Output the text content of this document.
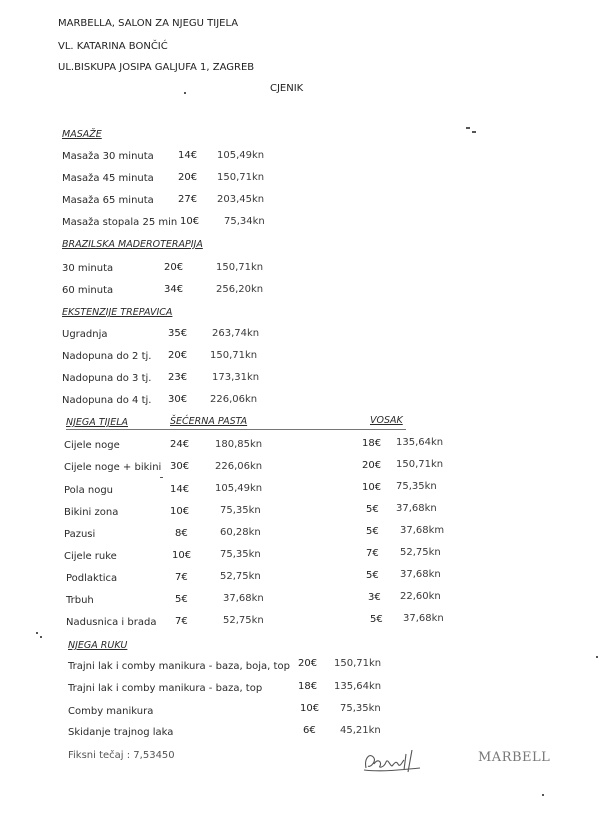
MARBELLA, SALON ZA NJEGU TIJELA
VL. KATARINA BONČIĆ
UL.BISKUPA JOSIPA GALJUFA 1, ZAGREB
CJENIK
MASAŽE
Masaža 30 minuta 14€ 105,49kn
Masaža 45 minuta 20€ 150,71kn
Masaža 65 minuta 27€ 203,45kn
Masaža stopala 25 min 10€ 75,34kn
BRAZILSKA MADEROTERAPIJA
30 minuta	20€	150,71kn
60 minuta	34€	256,20kn
EKSTENZIJE TREPAVICA
Ugradnja	35€ 263,74kn
Nadopuna do 2 tj. 20€ 150,71kn
Nadopuna do 3 tj. 23€ 173,31kn
Nadopuna do 4 tj. 30€ 226,06kn
NJEGA TIJELA	ŠEĆERNA PASTA	VOSAK
Cijele noge	24€	180,85kn	18€ 135,64kn
Cijele noge + bikini 30€	226,06kn	20€ 150,71kn
Pola nogu	14€	105,49kn	10€ 75,35kn
Bikini zona	10€	75,35kn	5€ 37,68kn
Pazusi	8€	60,28kn	5€ 37,68km
Cijele ruke	10€	75,35kn	7€ 52,75kn
Podlaktica	7€	52,75kn	5€ 37,68kn
Trbuh	5€	37,68kn	3€ 22,60kn
Nadusnica i brada 7€	52,75kn	5€ 37,68kn
NJEGA RUKU
Trajni lak i comby manikura - baza, boja, top 20€ 150,71kn
Trajni lak i comby manikura - baza, top	18€ 135,64kn
Comby manikura	10€ 75,35kn
Skidanje trajnog laka	6€ 45,21kn
Fiksni tečaj : 7,53450	MARBELL
